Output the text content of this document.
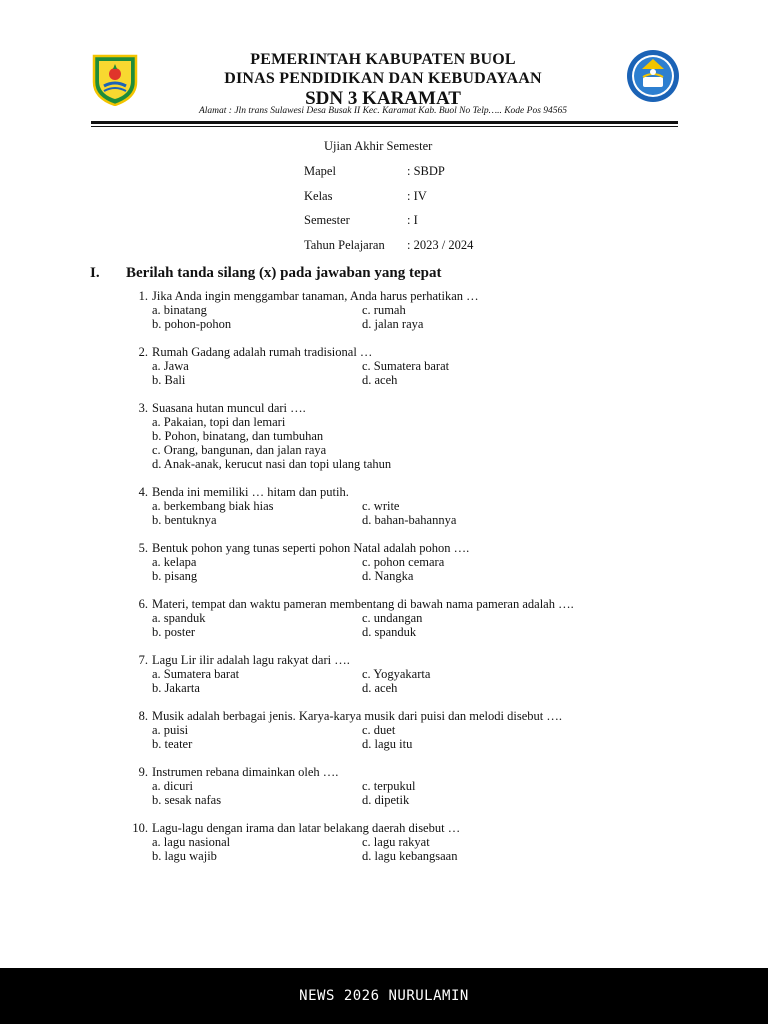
PEMERINTAH KABUPATEN BUOL
DINAS PENDIDIKAN DAN KEBUDAYAAN
SDN 3 KARAMAT
Alamat : Jln trans Sulawesi Desa Busak II Kec. Karamat Kab. Buol No Telp….. Kode Pos 94565
Ujian Akhir Semester
Mapel	: SBDP
Kelas	: IV
Semester	: I
Tahun Pelajaran : 2023 / 2024
I. Berilah tanda silang (x) pada jawaban yang tepat
1. Jika Anda ingin menggambar tanaman, Anda harus perhatikan …
a. binatang	c. rumah
b. pohon-pohon	d. jalan raya
2. Rumah Gadang adalah rumah tradisional …
a. Jawa	c. Sumatera barat
b. Bali	d. aceh
3. Suasana hutan muncul dari ….
a. Pakaian, topi dan lemari
b. Pohon, binatang, dan tumbuhan
c. Orang, bangunan, dan jalan raya
d. Anak-anak, kerucut nasi dan topi ulang tahun
4. Benda ini memiliki … hitam dan putih.
a. berkembang biak hias	c. write
b. bentuknya	d. bahan-bahannya
5. Bentuk pohon yang tunas seperti pohon Natal adalah pohon ….
a. kelapa	c. pohon cemara
b. pisang	d. Nangka
6. Materi, tempat dan waktu pameran membentang di bawah nama pameran adalah ….
a. spanduk	c. undangan
b. poster	d. spanduk
7. Lagu Lir ilir adalah lagu rakyat dari ….
a. Sumatera barat	c. Yogyakarta
b. Jakarta	d. aceh
8. Musik adalah berbagai jenis. Karya-karya musik dari puisi dan melodi disebut ….
a. puisi	c. duet
b. teater	d. lagu itu
9. Instrumen rebana dimainkan oleh ….
a. dicuri	c. terpukul
b. sesak nafas	d. dipetik
10. Lagu-lagu dengan irama dan latar belakang daerah disebut …
a. lagu nasional	c. lagu rakyat
b. lagu wajib	d. lagu kebangsaan
NEWS 2026 NURULAMIN
